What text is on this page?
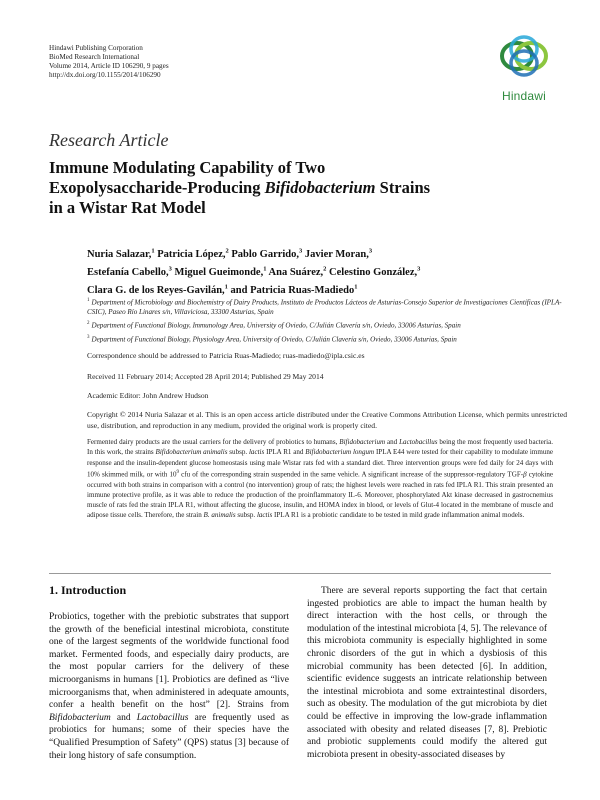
Hindawi Publishing Corporation
BioMed Research International
Volume 2014, Article ID 106290, 9 pages
http://dx.doi.org/10.1155/2014/106290
Hindawi
Research Article
Immune Modulating Capability of Two
Exopolysaccharide-Producing Bifidobacterium Strains
in a Wistar Rat Model
Nuria Salazar,$^1$ Patricia López,$^2$ Pablo Garrido,$^3$ Javier Moran,$^3$
Estefanía Cabello,$^3$ Miguel Gueimonde,$^1$ Ana Suárez,$^2$ Celestino González,$^3$
Clara G. de los Reyes-Gavilán,$^1$ and Patricia Ruas-Madiedo$^1$
$^1$ Department of Microbiology and Biochemistry of Dairy Products, Instituto de Productos Lácteos de Asturias-Consejo Superior de Investigaciones Científicas (IPLA-CSIC), Paseo Río Linares s/n, Villaviciosa, 33300 Asturias, Spain
$^2$ Department of Functional Biology, Immunology Area, University of Oviedo, C/Julián Clavería s/n, Oviedo, 33006 Asturias, Spain
$^3$ Department of Functional Biology, Physiology Area, University of Oviedo, C/Julián Clavería s/n, Oviedo, 33006 Asturias, Spain
Correspondence should be addressed to Patricia Ruas-Madiedo; ruas-madiedo@ipla.csic.es
Received 11 February 2014; Accepted 28 April 2014; Published 29 May 2014
Academic Editor: John Andrew Hudson
Copyright © 2014 Nuria Salazar et al. This is an open access article distributed under the Creative Commons Attribution License, which permits unrestricted use, distribution, and reproduction in any medium, provided the original work is properly cited.
Fermented dairy products are the usual carriers for the delivery of probiotics to humans, Bifidobacterium and Lactobacillus being the most frequently used bacteria. In this work, the strains Bifidobacterium animalis subsp. lactis IPLA R1 and Bifidobacterium longum IPLA E44 were tested for their capability to modulate immune response and the insulin-dependent glucose homeostasis using male Wistar rats fed with a standard diet. Three intervention groups were fed daily for 24 days with 10% skimmed milk, or with $10^9$ cfu of the corresponding strain suspended in the same vehicle. A significant increase of the suppressor-regulatory TGF-β cytokine occurred with both strains in comparison with a control (no intervention) group of rats; the highest levels were reached in rats fed IPLA R1. This strain presented an immune protective profile, as it was able to reduce the production of the proinflammatory IL-6. Moreover, phosphorylated Akt kinase decreased in gastrocnemius muscle of rats fed the strain IPLA R1, without affecting the glucose, insulin, and HOMA index in blood, or levels of Glut-4 located in the membrane of muscle and adipose tissue cells. Therefore, the strain B. animalis subsp. lactis IPLA R1 is a probiotic candidate to be tested in mild grade inflammation animal models.
1. Introduction
Probiotics, together with the prebiotic substrates that support the growth of the beneficial intestinal microbiota, constitute one of the largest segments of the worldwide functional food market. Fermented foods, and especially dairy products, are the most popular carriers for the delivery of these microorganisms in humans [1]. Probiotics are defined as “live microorganisms that, when administered in adequate amounts, confer a health benefit on the host” [2]. Strains from Bifidobacterium and Lactobacillus are frequently used as probiotics for humans; some of their species have the “Qualified Presumption of Safety” (QPS) status [3] because of their long history of safe consumption.
There are several reports supporting the fact that certain ingested probiotics are able to impact the human health by direct interaction with the host cells, or through the modulation of the intestinal microbiota [4, 5]. The relevance of this microbiota community is especially highlighted in some chronic disorders of the gut in which a dysbiosis of this microbial community has been detected [6]. In addition, scientific evidence suggests an intricate relationship between the intestinal microbiota and some extraintestinal disorders, such as obesity. The modulation of the gut microbiota by diet could be effective in improving the low-grade inflammation associated with obesity and related diseases [7, 8]. Prebiotic and probiotic supplements could modify the altered gut microbiota present in obesity-associated diseases by
